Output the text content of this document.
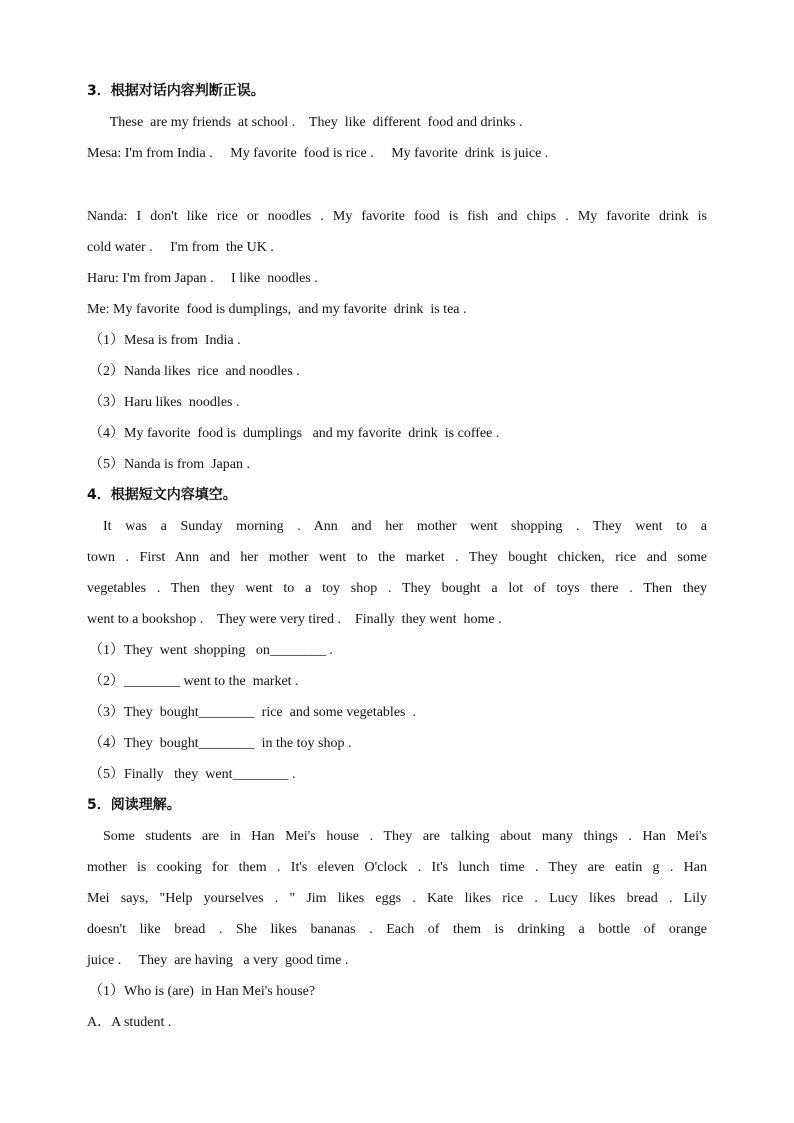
3．根据对话内容判断正误。
These  are my friends  at school .    They  like  different  food and drinks .
Mesa: I'm from India .     My favorite  food is rice .     My favorite  drink  is juice .
Nanda: I don't like rice or noodles . My favorite food is fish and chips . My favorite drink is
cold water .     I'm from  the UK .
Haru: I'm from Japan .     I like  noodles .
Me: My favorite  food is dumplings,  and my favorite  drink  is tea .
（1）Mesa is from  India .
（2）Nanda likes  rice  and noodles .
（3）Haru likes  noodles .
（4）My favorite  food is  dumplings   and my favorite  drink  is coffee .
（5）Nanda is from  Japan .
4．根据短文内容填空。
It was a Sunday morning . Ann and her mother went shopping . They went to a
town . First Ann and her mother went to the market . They bought chicken, rice and some
vegetables . Then they went to a toy shop . They bought a lot of toys there . Then they
went to a bookshop .    They were very tired .    Finally  they went  home .
（1）They  went  shopping   on________ .
（2）________ went to the  market .
（3）They  bought________  rice  and some vegetables  .
（4）They  bought________  in the toy shop .
（5）Finally   they  went________ .
5．阅读理解。
Some students are in Han Mei's house . They are talking about many things . Han Mei's
mother is cooking for them . It's eleven O'clock . It's lunch time . They are eatin g . Han
Mei says, "Help yourselves . " Jim likes eggs . Kate likes rice . Lucy likes bread . Lily
doesn't like bread . She likes bananas . Each of them is drinking a bottle of orange
juice .     They  are having   a very  good time .
（1）Who is (are)  in Han Mei's house?
A．A student .
